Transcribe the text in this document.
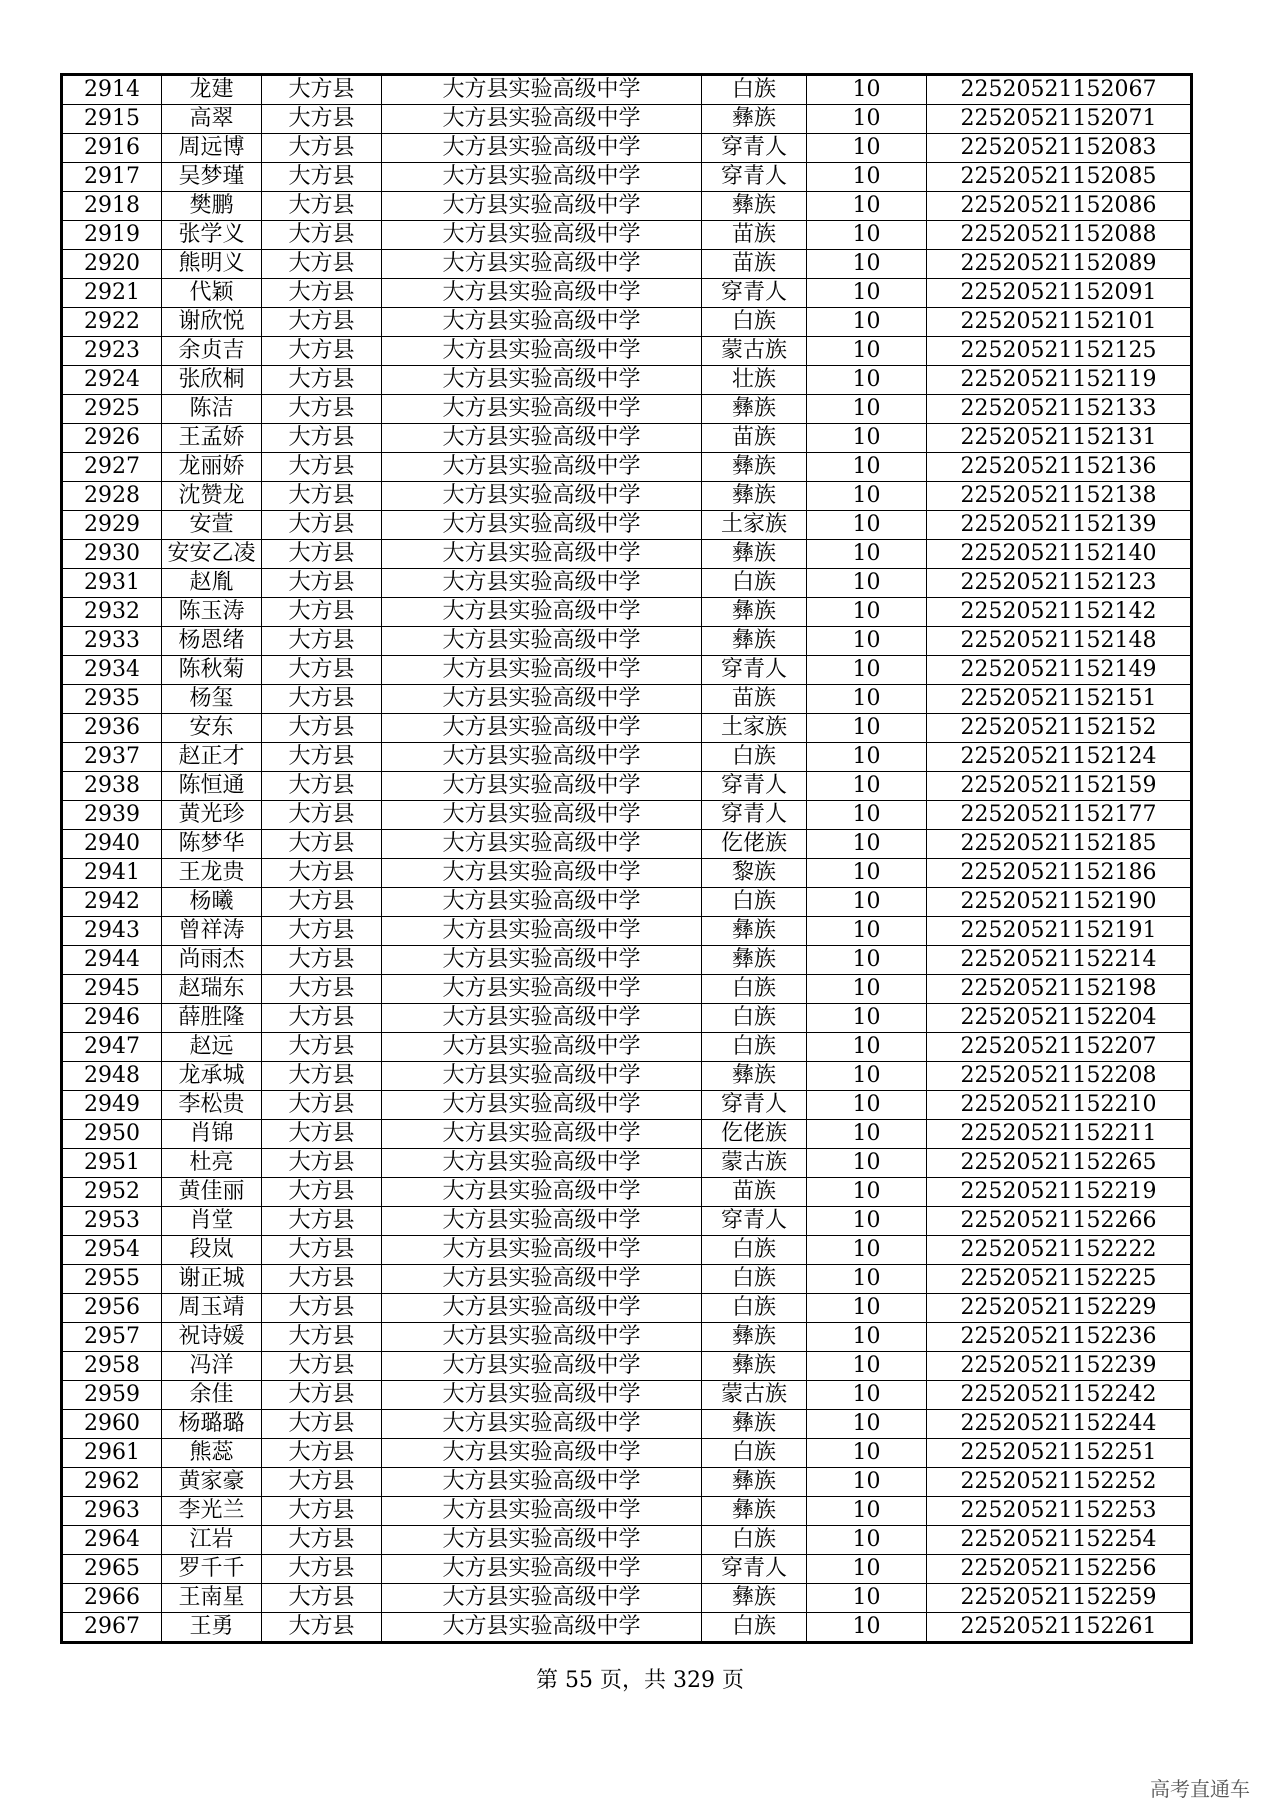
2914	龙建	大方县	大方县实验高级中学	白族	10	22520521152067
2915	高翠	大方县	大方县实验高级中学	彝族	10	22520521152071
2916	周远博	大方县	大方县实验高级中学	穿青人	10	22520521152083
2917	吴梦瑾	大方县	大方县实验高级中学	穿青人	10	22520521152085
2918	樊鹏	大方县	大方县实验高级中学	彝族	10	22520521152086
2919	张学义	大方县	大方县实验高级中学	苗族	10	22520521152088
2920	熊明义	大方县	大方县实验高级中学	苗族	10	22520521152089
2921	代颖	大方县	大方县实验高级中学	穿青人	10	22520521152091
2922	谢欣悦	大方县	大方县实验高级中学	白族	10	22520521152101
2923	余贞吉	大方县	大方县实验高级中学	蒙古族	10	22520521152125
2924	张欣桐	大方县	大方县实验高级中学	壮族	10	22520521152119
2925	陈洁	大方县	大方县实验高级中学	彝族	10	22520521152133
2926	王孟娇	大方县	大方县实验高级中学	苗族	10	22520521152131
2927	龙丽娇	大方县	大方县实验高级中学	彝族	10	22520521152136
2928	沈赞龙	大方县	大方县实验高级中学	彝族	10	22520521152138
2929	安萱	大方县	大方县实验高级中学	土家族	10	22520521152139
2930	安安乙凌	大方县	大方县实验高级中学	彝族	10	22520521152140
2931	赵胤	大方县	大方县实验高级中学	白族	10	22520521152123
2932	陈玉涛	大方县	大方县实验高级中学	彝族	10	22520521152142
2933	杨恩绪	大方县	大方县实验高级中学	彝族	10	22520521152148
2934	陈秋菊	大方县	大方县实验高级中学	穿青人	10	22520521152149
2935	杨玺	大方县	大方县实验高级中学	苗族	10	22520521152151
2936	安东	大方县	大方县实验高级中学	土家族	10	22520521152152
2937	赵正才	大方县	大方县实验高级中学	白族	10	22520521152124
2938	陈恒通	大方县	大方县实验高级中学	穿青人	10	22520521152159
2939	黄光珍	大方县	大方县实验高级中学	穿青人	10	22520521152177
2940	陈梦华	大方县	大方县实验高级中学	仡佬族	10	22520521152185
2941	王龙贵	大方县	大方县实验高级中学	黎族	10	22520521152186
2942	杨曦	大方县	大方县实验高级中学	白族	10	22520521152190
2943	曾祥涛	大方县	大方县实验高级中学	彝族	10	22520521152191
2944	尚雨杰	大方县	大方县实验高级中学	彝族	10	22520521152214
2945	赵瑞东	大方县	大方县实验高级中学	白族	10	22520521152198
2946	薛胜隆	大方县	大方县实验高级中学	白族	10	22520521152204
2947	赵远	大方县	大方县实验高级中学	白族	10	22520521152207
2948	龙承城	大方县	大方县实验高级中学	彝族	10	22520521152208
2949	李松贵	大方县	大方县实验高级中学	穿青人	10	22520521152210
2950	肖锦	大方县	大方县实验高级中学	仡佬族	10	22520521152211
2951	杜亮	大方县	大方县实验高级中学	蒙古族	10	22520521152265
2952	黄佳丽	大方县	大方县实验高级中学	苗族	10	22520521152219
2953	肖堂	大方县	大方县实验高级中学	穿青人	10	22520521152266
2954	段岚	大方县	大方县实验高级中学	白族	10	22520521152222
2955	谢正城	大方县	大方县实验高级中学	白族	10	22520521152225
2956	周玉靖	大方县	大方县实验高级中学	白族	10	22520521152229
2957	祝诗媛	大方县	大方县实验高级中学	彝族	10	22520521152236
2958	冯洋	大方县	大方县实验高级中学	彝族	10	22520521152239
2959	余佳	大方县	大方县实验高级中学	蒙古族	10	22520521152242
2960	杨璐璐	大方县	大方县实验高级中学	彝族	10	22520521152244
2961	熊蕊	大方县	大方县实验高级中学	白族	10	22520521152251
2962	黄家豪	大方县	大方县实验高级中学	彝族	10	22520521152252
2963	李光兰	大方县	大方县实验高级中学	彝族	10	22520521152253
2964	江岩	大方县	大方县实验高级中学	白族	10	22520521152254
2965	罗千千	大方县	大方县实验高级中学	穿青人	10	22520521152256
2966	王南星	大方县	大方县实验高级中学	彝族	10	22520521152259
2967	王勇	大方县	大方县实验高级中学	白族	10	22520521152261
第 55 页，共 329 页
高考直通车
